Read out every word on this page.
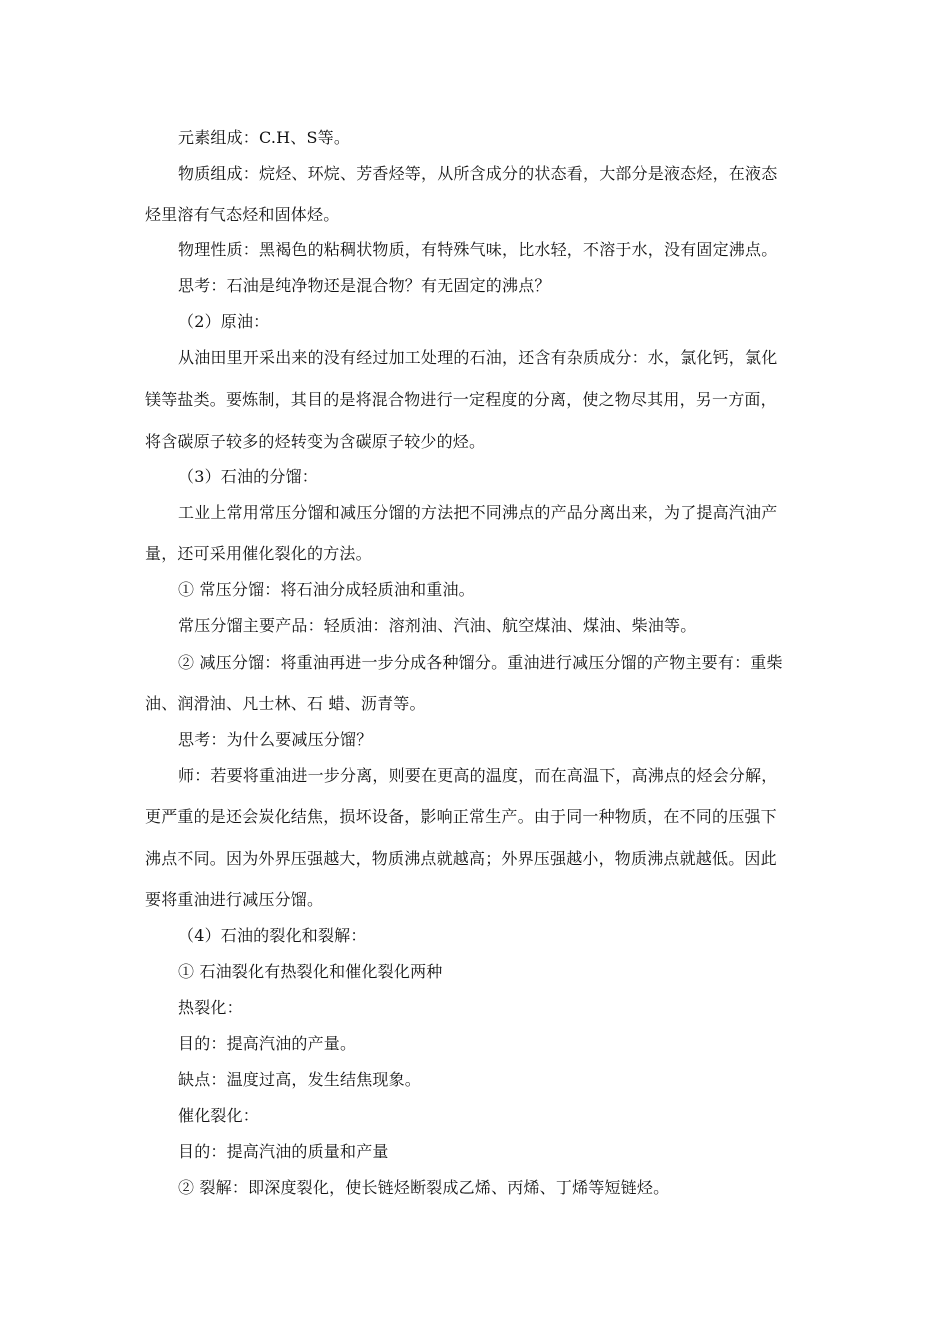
元素组成：C.H、S等。
物质组成：烷烃、环烷、芳香烃等，从所含成分的状态看，大部分是液态烃，在液态
烃里溶有气态烃和固体烃。
物理性质：黑褐色的粘稠状物质，有特殊气味，比水轻，不溶于水，没有固定沸点。
思考：石油是纯净物还是混合物？有无固定的沸点？
（2）原油：
从油田里开采出来的没有经过加工处理的石油，还含有杂质成分：水，氯化钙，氯化
镁等盐类。要炼制，其目的是将混合物进行一定程度的分离，使之物尽其用，另一方面，
将含碳原子较多的烃转变为含碳原子较少的烃。
（3）石油的分馏：
工业上常用常压分馏和减压分馏的方法把不同沸点的产品分离出来，为了提高汽油产
量，还可采用催化裂化的方法。
① 常压分馏：将石油分成轻质油和重油。
常压分馏主要产品：轻质油：溶剂油、汽油、航空煤油、煤油、柴油等。
② 减压分馏：将重油再进一步分成各种馏分。重油进行减压分馏的产物主要有：重柴
油、润滑油、凡士林、石 蜡、沥青等。
思考：为什么要减压分馏？
师：若要将重油进一步分离，则要在更高的温度，而在高温下，高沸点的烃会分解，
更严重的是还会炭化结焦，损坏设备，影响正常生产。由于同一种物质，在不同的压强下
沸点不同。因为外界压强越大，物质沸点就越高；外界压强越小，物质沸点就越低。因此
要将重油进行减压分馏。
（4）石油的裂化和裂解：
① 石油裂化有热裂化和催化裂化两种
热裂化：
目的：提高汽油的产量。
缺点：温度过高，发生结焦现象。
催化裂化：
目的：提高汽油的质量和产量
② 裂解：即深度裂化，使长链烃断裂成乙烯、丙烯、丁烯等短链烃。
